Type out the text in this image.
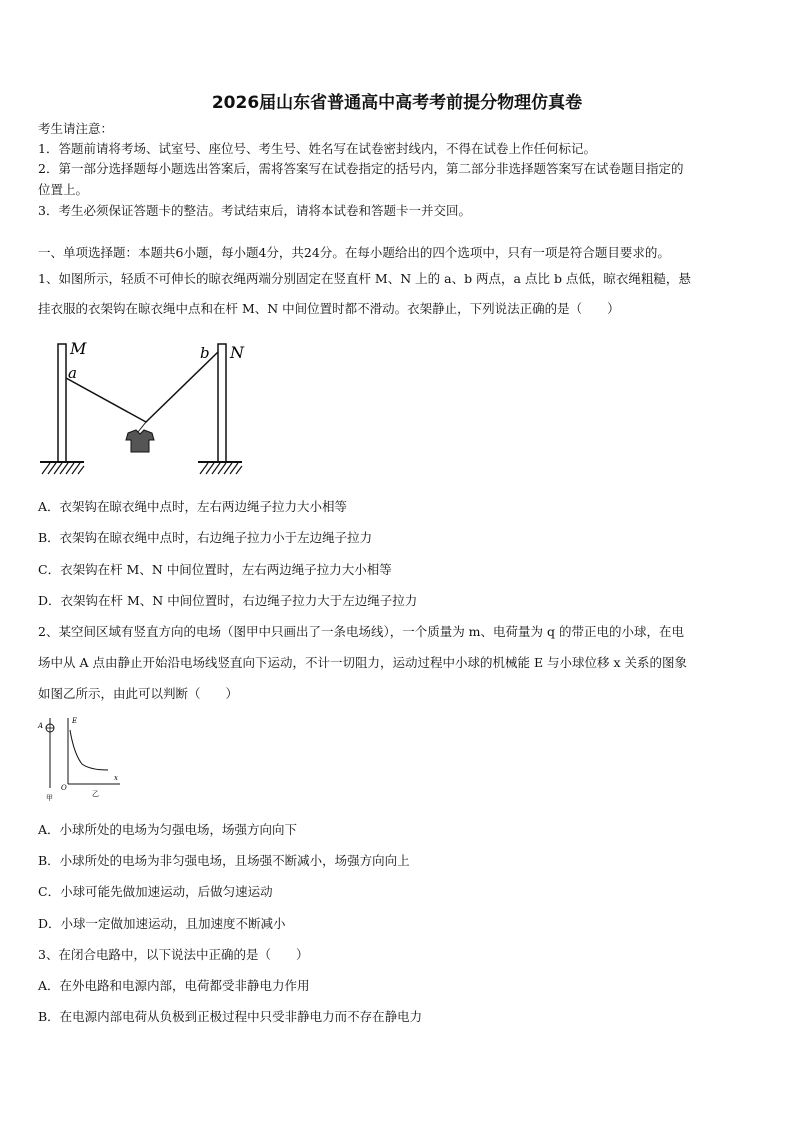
2026届山东省普通高中高考考前提分物理仿真卷
考生请注意：
1．答题前请将考场、试室号、座位号、考生号、姓名写在试卷密封线内，不得在试卷上作任何标记。
2．第一部分选择题每小题选出答案后，需将答案写在试卷指定的括号内，第二部分非选择题答案写在试卷题目指定的
位置上。
3．考生必须保证答题卡的整洁。考试结束后，请将本试卷和答题卡一并交回。
一、单项选择题：本题共6小题，每小题4分，共24分。在每小题给出的四个选项中，只有一项是符合题目要求的。
1、如图所示，轻质不可伸长的晾衣绳两端分别固定在竖直杆 M、N 上的 a、b 两点，a 点比 b 点低，晾衣绳粗糙，悬
挂衣服的衣架钩在晾衣绳中点和在杆 M、N 中间位置时都不滑动。衣架静止，下列说法正确的是（　　）
M
a
b N
A．衣架钩在晾衣绳中点时，左右两边绳子拉力大小相等
B．衣架钩在晾衣绳中点时，右边绳子拉力小于左边绳子拉力
C．衣架钩在杆 M、N 中间位置时，左右两边绳子拉力大小相等
D．衣架钩在杆 M、N 中间位置时，右边绳子拉力大于左边绳子拉力
2、某空间区域有竖直方向的电场（图甲中只画出了一条电场线），一个质量为 m、电荷量为 q 的带正电的小球，在电
场中从 A 点由静止开始沿电场线竖直向下运动，不计一切阻力，运动过程中小球的机械能 E 与小球位移 x 关系的图象
如图乙所示，由此可以判断（　　）
A
甲
E
x
O
乙
A．小球所处的电场为匀强电场，场强方向向下
B．小球所处的电场为非匀强电场，且场强不断减小，场强方向向上
C．小球可能先做加速运动，后做匀速运动
D．小球一定做加速运动，且加速度不断减小
3、在闭合电路中，以下说法中正确的是（　　）
A．在外电路和电源内部，电荷都受非静电力作用
B．在电源内部电荷从负极到正极过程中只受非静电力而不存在静电力
